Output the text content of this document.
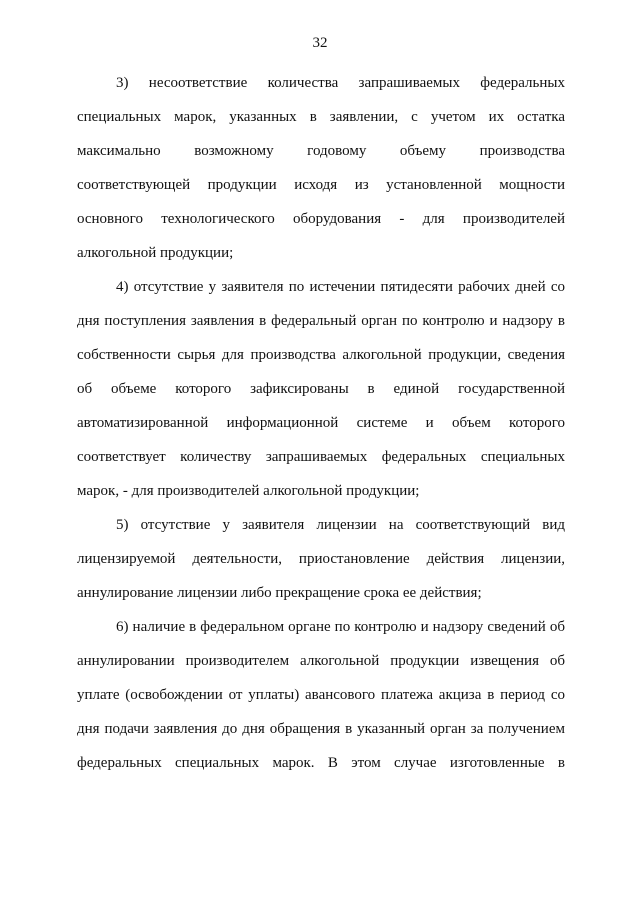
32
3) несоответствие количества запрашиваемых федеральных
специальных марок, указанных в заявлении, с учетом их остатка
максимально возможному годовому объему производства
соответствующей продукции исходя из установленной мощности
основного технологического оборудования - для производителей
алкогольной продукции;
4) отсутствие у заявителя по истечении пятидесяти рабочих дней со
дня поступления заявления в федеральный орган по контролю и надзору в
собственности сырья для производства алкогольной продукции, сведения
об объеме которого зафиксированы в единой государственной
автоматизированной информационной системе и объем которого
соответствует количеству запрашиваемых федеральных специальных
марок, - для производителей алкогольной продукции;
5) отсутствие у заявителя лицензии на соответствующий вид
лицензируемой деятельности, приостановление действия лицензии,
аннулирование лицензии либо прекращение срока ее действия;
6) наличие в федеральном органе по контролю и надзору сведений об
аннулировании производителем алкогольной продукции извещения об
уплате (освобождении от уплаты) авансового платежа акциза в период со
дня подачи заявления до дня обращения в указанный орган за получением
федеральных специальных марок. В этом случае изготовленные в
